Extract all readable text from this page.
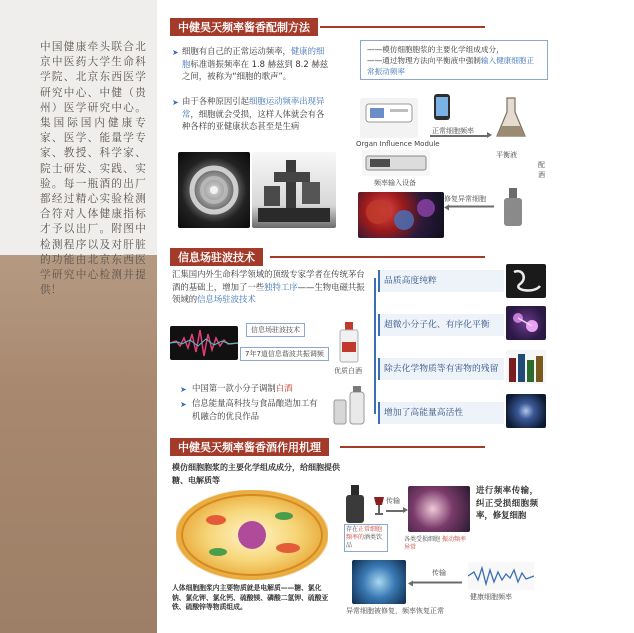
中国健康牵头联合北京中医药大学生命科学院、北京东西医学研究中心、中健（贵州）医学研究中心。集国际国内健康专家、医学、能量学专家、教授、科学家、院士研发、实践、实验。每一瓶酒的出厂都经过精心实验检测合符对人体健康指标才予以出厂。附图中检测程序以及对肝脏的功能由北京东西医学研究中心检测并提供！
中健昊天频率酱香配制方法
➤ 细胞有自己的正常运动频率，健康的细胞标准谐振频率在 1.8 赫兹到 8.2 赫兹之间，被称为“细胞的歌声”。
➤ 由于各种原因引起细胞运动频率出现异常，细胞就会受损，这样人体就会有各种各样的亚健康状态甚至是生病
——模仿细胞胞浆的主要化学组成成分，
——通过物理方法向平衡液中强制输入健康细胞正常振动频率
Organ Influence Module
正常细胞频率
平衡液
配酒
频率输入设备
修复异常细胞
信息场驻波技术
汇集国内外生命科学领域的顶级专家学者在传统茅台酒的基础上，增加了一些独特工序——生物电磁共振领域的信息场驻波技术
信息场驻波技术
7年7道信息谐波共振调频
优质白酒
➤ 中国第一款小分子调制白酒
➤ 信息能量高科技与食品酿造加工有机融合的优良作品
品质高度纯粹
超微小分子化、有序化平衡
除去化学物质等有害物的残留
增加了高能量高活性
中健昊天频率酱香酒作用机理
模仿细胞胞浆的主要化学组成成分，给细胞提供糖、电解质等
人体细胞胞浆内主要物质就是电解质——糖、氯化钠、氯化钾、氯化钙、硫酸镁、磷酸二氢钾、硫酸亚铁、硫酸锌等物质组成。
传输
存在正常细胞频率的酒类饮品
各类受损细胞 振动频率异常
进行频率传输，纠正受损细胞频率，修复细胞
传输
健康细胞频率
异常细胞被修复，频率恢复正常
